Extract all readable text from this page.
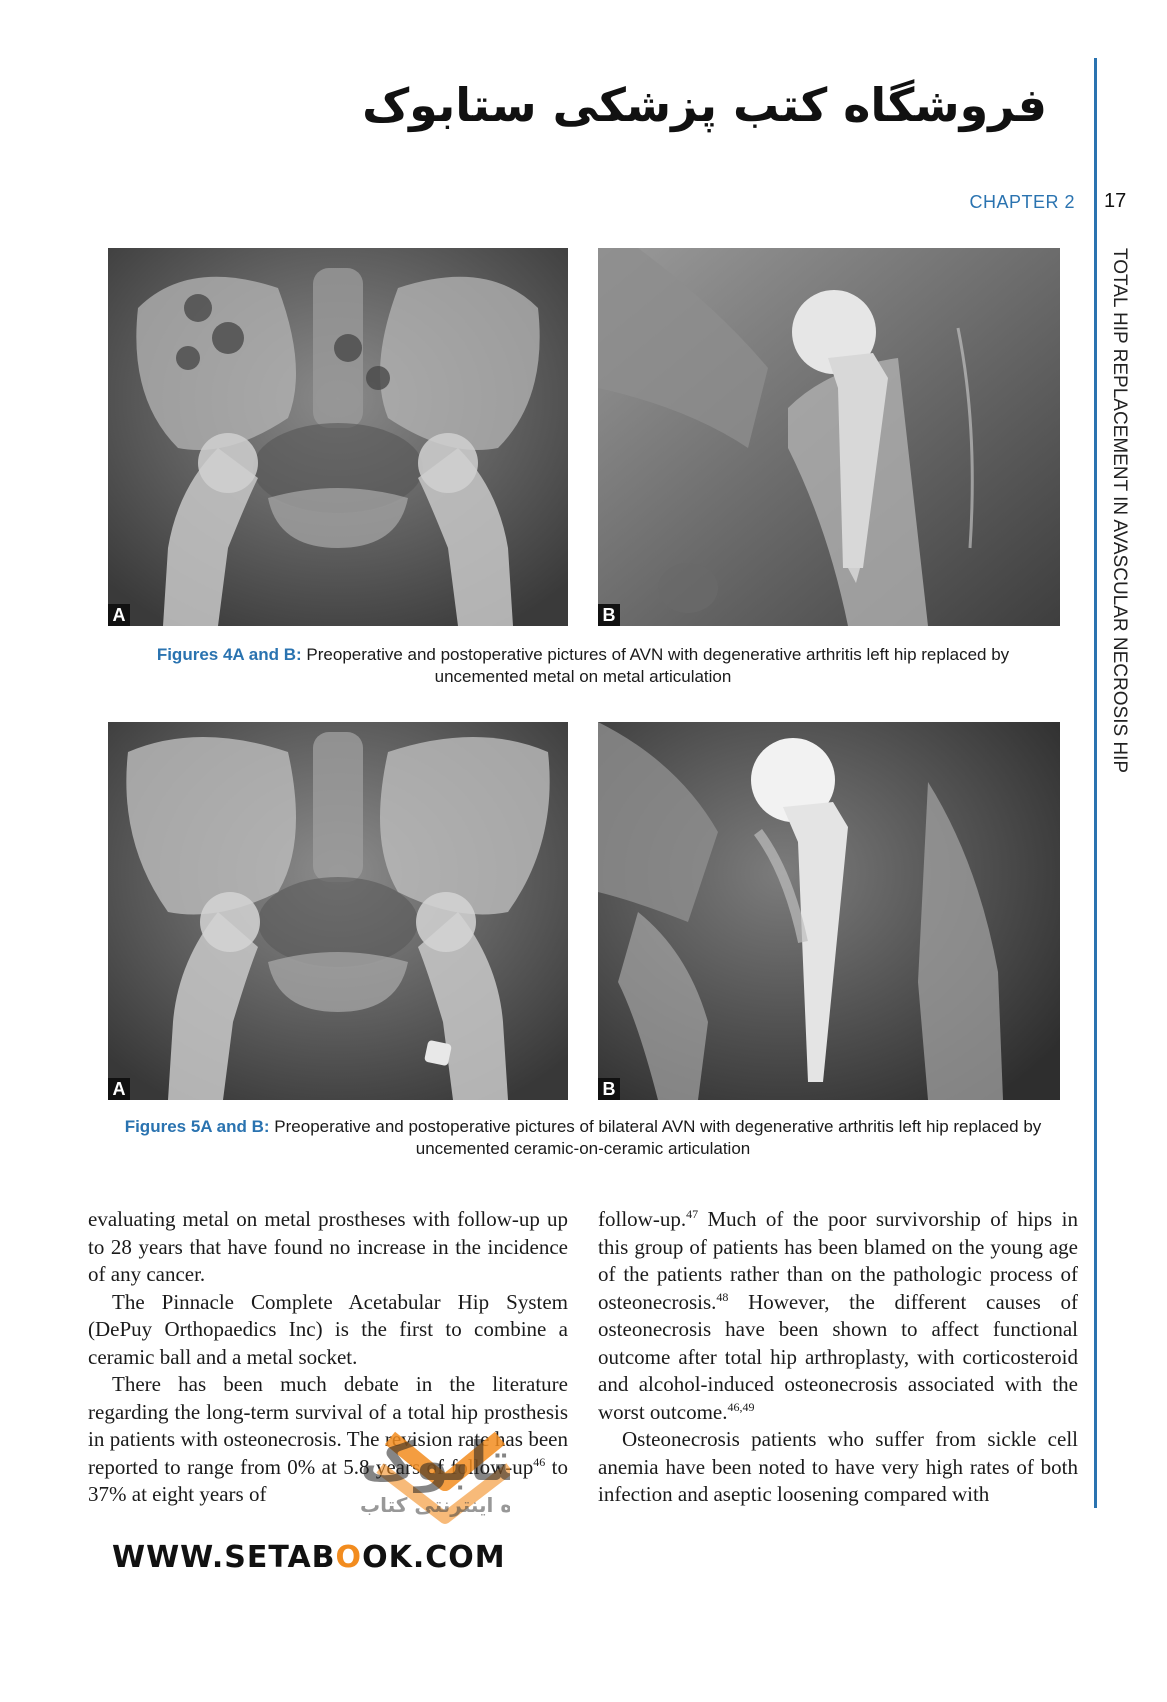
فروشگاه کتب پزشکی ستابوک
CHAPTER 2 17
TOTAL HIP REPLACEMENT IN AVASCULAR NECROSIS HIP
A	B
Figures 4A and B: Preoperative and postoperative pictures of AVN with degenerative arthritis left hip replaced by uncemented metal on metal articulation
A	B
Figures 5A and B: Preoperative and postoperative pictures of bilateral AVN with degenerative arthritis left hip replaced by uncemented ceramic-on-ceramic articulation

evaluating metal on metal prostheses with follow-up up to 28 years that have found no increase in the incidence of any cancer.

The Pinnacle Complete Acetabular Hip System (DePuy Orthopaedics Inc) is the first to combine a ceramic ball and a metal socket.

There has been much debate in the literature regarding the long-term survival of a total hip prosthesis in patients with osteonecrosis. The revision rate has been reported to range from 0% at 5.8 years of follow-$up^{46}$ to 37% at eight years of

follow-up.$^{47}$ Much of the poor survivorship of hips in this group of patients has been blamed on the young age of the patients rather than on the pathologic process of osteonecrosis.$^{48}$ However, the different causes of osteonecrosis have been shown to affect functional outcome after total hip arthroplasty, with corticosteroid and alcohol-induced osteonecrosis associated with the worst outcome.$^{46,49}$

Osteonecrosis patients who suffer from sickle cell anemia have been noted to have very high rates of both infection and aseptic loosening compared with

تابوک
ه اینترنتی کتاب
WWW.SETABOOK.COM
